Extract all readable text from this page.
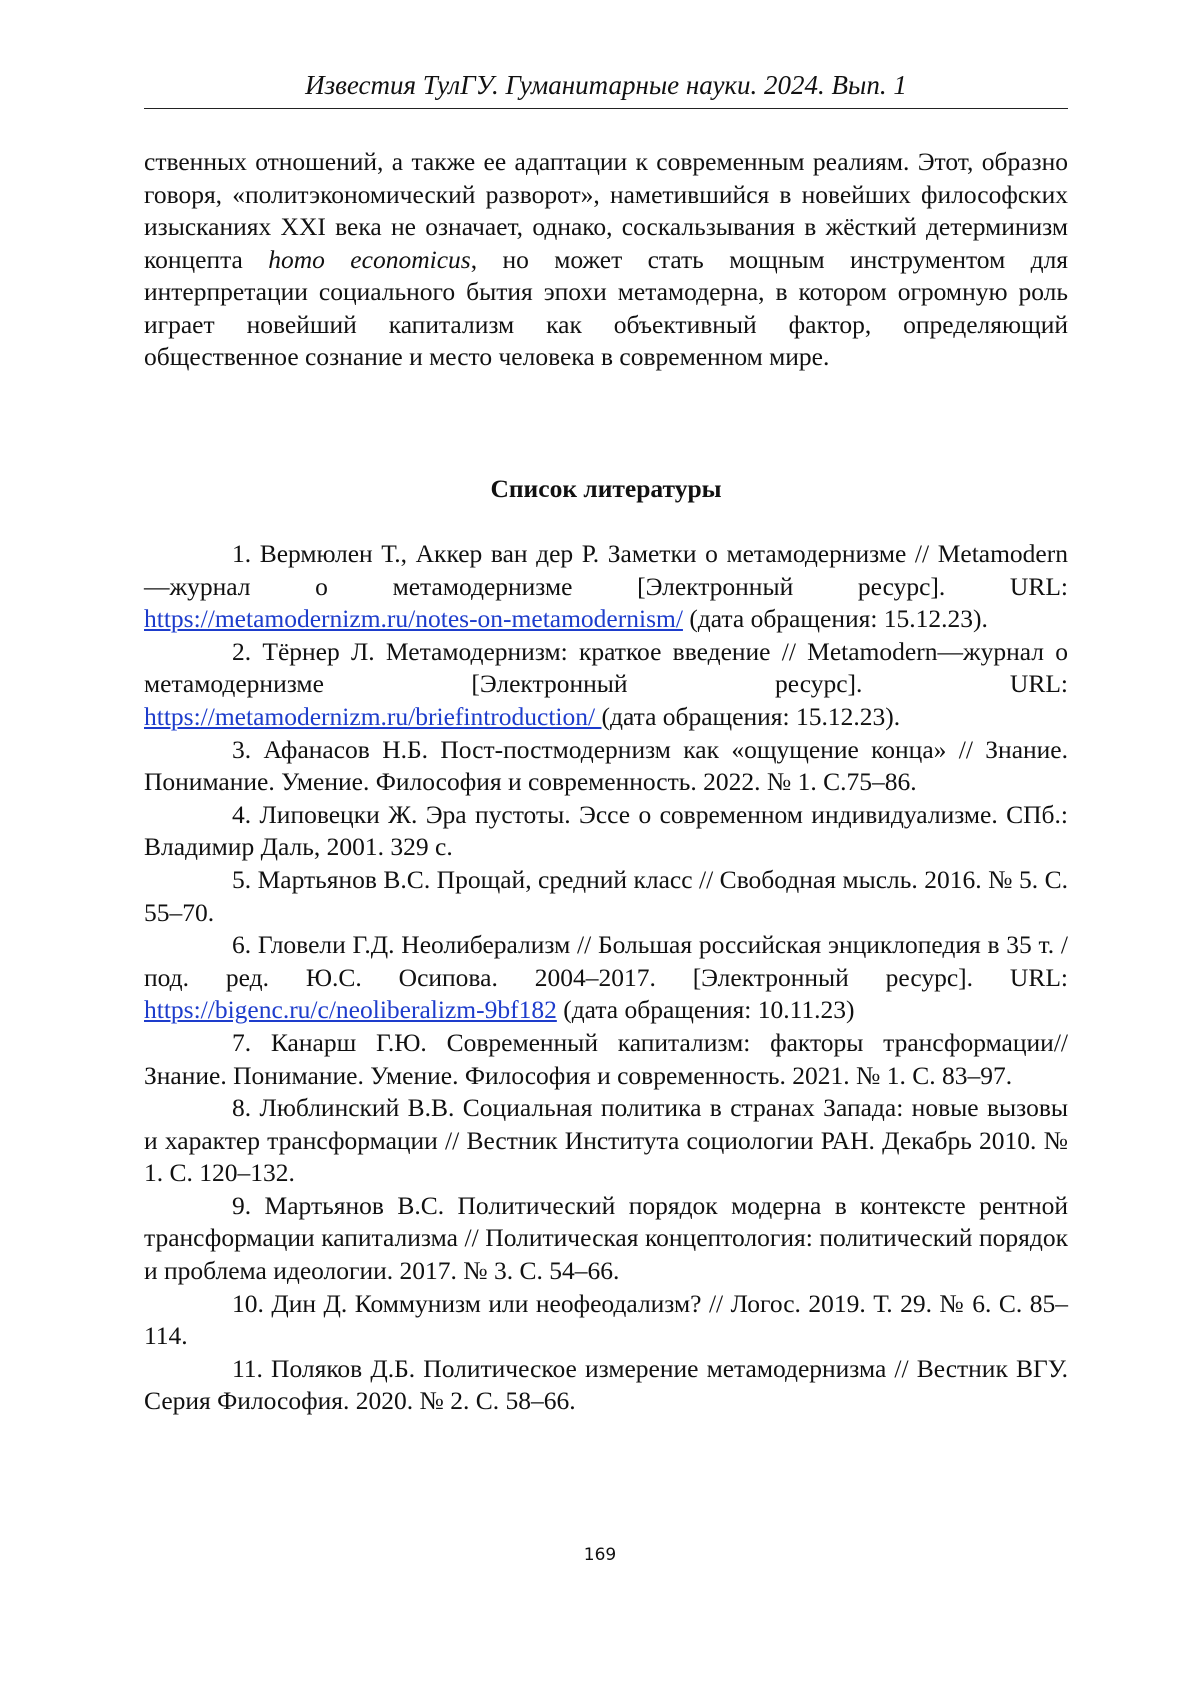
Известия ТулГУ. Гуманитарные науки. 2024. Вып. 1

ственных отношений, а также ее адаптации к современным реалиям. Этот, образно говоря, «политэкономический разворот», наметившийся в новейших философских изысканиях XXI века не означает, однако, соскальзывания в жёсткий детерминизм концепта homo economicus, но может стать мощным инструментом для интерпретации социального бытия эпохи метамодерна, в котором огромную роль играет новейший капитализм как объективный фактор, определяющий общественное сознание и место человека в современном мире.

Список литературы

1. Вермюлен Т., Аккер ван дер Р. Заметки о метамодернизме // Metamodern—журнал о метамодернизме [Электронный ресурс]. URL: https://metamodernizm.ru/notes-on-metamodernism/ (дата обращения: 15.12.23).

2. Тёрнер Л. Метамодернизм: краткое введение // Metamodern—журнал о метамодернизме [Электронный ресурс]. URL: https://metamodernizm.ru/briefintroduction/ (дата обращения: 15.12.23).

3. Афанасов Н.Б. Пост-постмодернизм как «ощущение конца» // Знание. Понимание. Умение. Философия и современность. 2022. № 1. С.75–86.

4. Липовецки Ж. Эра пустоты. Эссе о современном индивидуализме. СПб.: Владимир Даль, 2001. 329 с.

5. Мартьянов В.С. Прощай, средний класс // Свободная мысль. 2016. № 5. С. 55–70.

6. Гловели Г.Д. Неолиберализм // Большая российская энциклопедия в 35 т. / под. ред. Ю.С. Осипова. 2004–2017. [Электронный ресурс]. URL: https://bigenc.ru/c/neoliberalizm-9bf182 (дата обращения: 10.11.23)

7. Канарш Г.Ю. Современный капитализм: факторы трансформации// Знание. Понимание. Умение. Философия и современность. 2021. № 1. С. 83–97.

8. Люблинский В.В. Социальная политика в странах Запада: новые вызовы и характер трансформации // Вестник Института социологии РАН. Декабрь 2010. № 1. С. 120–132.

9. Мартьянов В.С. Политический порядок модерна в контексте рентной трансформации капитализма // Политическая концептология: политический порядок и проблема идеологии. 2017. № 3. С. 54–66.

10. Дин Д. Коммунизм или неофеодализм? // Логос. 2019. Т. 29. № 6. С. 85–114.

11. Поляков Д.Б. Политическое измерение метамодернизма // Вестник ВГУ. Серия Философия. 2020. № 2. С. 58–66.

169
